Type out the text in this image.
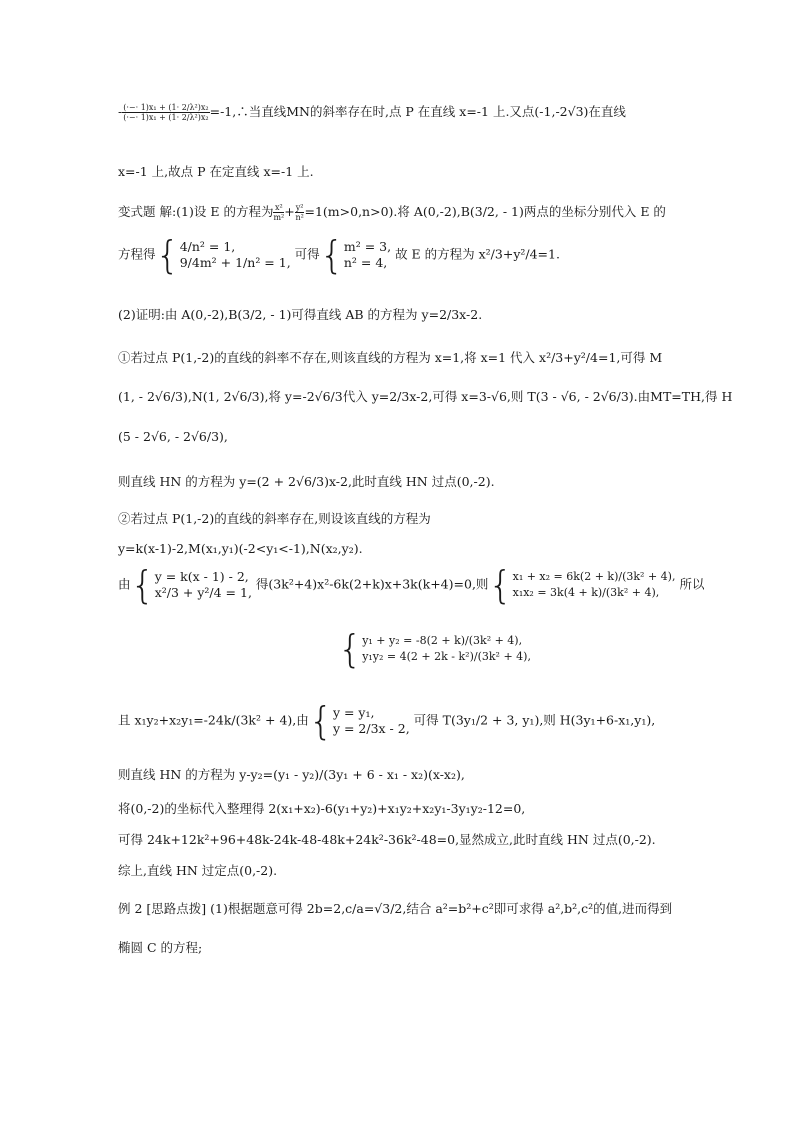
- $\frac{\text{(·−· 1)x₁ + (1· 2/λ²)x₂}}{\text{(·−· 1)x₁ + (1· 2/λ²)x₂}}$ =-1,∴当直线MN的斜率存在时,点 P 在直线 x=-1 上.又点(-1,-2√3)在直线
x=-1 上,故点 P 在定直线 x=-1 上.
变式题 解:(1)设 E 的方程为 $\frac{\text{x²}}{\text{m²}} + \frac{\text{y²}}{\text{n²}} =1(m>0,n>0)$.将 A(0,-2),B(3/2, - 1)两点的坐标分别代入 E 的
方程得{ 4/n² = 1,
9/4m² + 1/n² = 1,
可得{ m² = 3,
n² = 4,
故 E 的方程为 x²/3+y²/4=1.
(2)证明:由 A(0,-2),B(3/2, - 1)可得直线 AB 的方程为 y=2/3x-2.
①若过点 P(1,-2)的直线的斜率不存在,则该直线的方程为 x=1,将 x=1 代入 x²/3+y²/4=1,可得 M
(1, - 2√6/3),N(1, 2√6/3),将 y=-2√6/3代入 y=2/3x-2,可得 x=3-√6,则 T(3 - √6, - 2√6/3).由MT=TH,得 H
(5 - 2√6, - 2√6/3),
则直线 HN 的方程为 y=(2 + 2√6/3)x-2,此时直线 HN 过点(0,-2).
②若过点 P(1,-2)的直线的斜率存在,则设该直线的方程为
y=k(x-1)-2,M(x₁,y₁)(-2<y₁<-1),N(x₂,y₂).
由{ y = k(x - 1) - 2,
x²/3 + y²/4 = 1,
得(3k²+4)x²-6k(2+k)x+3k(k+4)=0,则{ x₁ + x₂ = 6k(2 + k)/(3k² + 4),
x₁x₂ = 3k(4 + k)/(3k² + 4),
所以
{ y₁ + y₂ = -8(2 + k)/(3k² + 4),
y₁y₂ = 4(2 + 2k - k²)/(3k² + 4),
且 x₁y₂+x₂y₁=-24k/(3k² + 4),由{ y = y₁,
y = 2/3x - 2,
可得 T(3y₁/2 + 3, y₁),则 H(3y₁+6-x₁,y₁),
则直线 HN 的方程为 y-y₂=(y₁ - y₂)/(3y₁ + 6 - x₁ - x₂)(x-x₂),
将(0,-2)的坐标代入整理得 2(x₁+x₂)-6(y₁+y₂)+x₁y₂+x₂y₁-3y₁y₂-12=0,
可得 24k+12k²+96+48k-24k-48-48k+24k²-36k²-48=0,显然成立,此时直线 HN 过点(0,-2).
综上,直线 HN 过定点(0,-2).
例 2 [思路点拨] (1)根据题意可得 2b=2,c/a=√3/2,结合 a²=b²+c²即可求得 a²,b²,c²的值,进而得到
椭圆 C 的方程;
